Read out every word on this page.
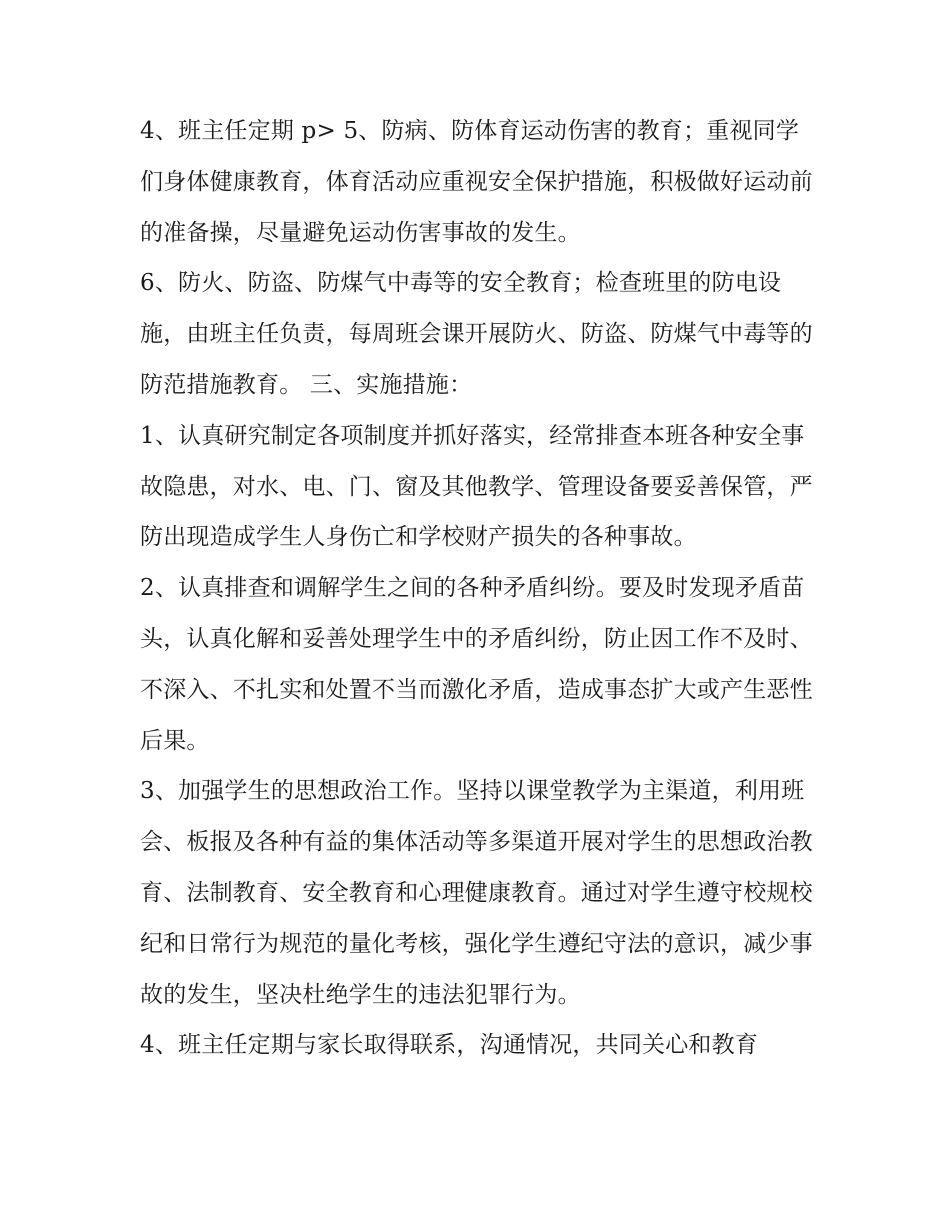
4、班主任定期 p> 5、防病、防体育运动伤害的教育；重视同学们身体健康教育，体育活动应重视安全保护措施，积极做好运动前的准备操，尽量避免运动伤害事故的发生。

6、防火、防盗、防煤气中毒等的安全教育；检查班里的防电设施，由班主任负责，每周班会课开展防火、防盗、防煤气中毒等的防范措施教育。 三、实施措施：

1、认真研究制定各项制度并抓好落实，经常排查本班各种安全事故隐患，对水、电、门、窗及其他教学、管理设备要妥善保管，严防出现造成学生人身伤亡和学校财产损失的各种事故。

2、认真排查和调解学生之间的各种矛盾纠纷。要及时发现矛盾苗头，认真化解和妥善处理学生中的矛盾纠纷，防止因工作不及时、不深入、不扎实和处置不当而激化矛盾，造成事态扩大或产生恶性后果。

3、加强学生的思想政治工作。坚持以课堂教学为主渠道，利用班会、板报及各种有益的集体活动等多渠道开展对学生的思想政治教育、法制教育、安全教育和心理健康教育。通过对学生遵守校规校纪和日常行为规范的量化考核，强化学生遵纪守法的意识，减少事故的发生，坚决杜绝学生的违法犯罪行为。

4、班主任定期与家长取得联系，沟通情况，共同关心和教育
